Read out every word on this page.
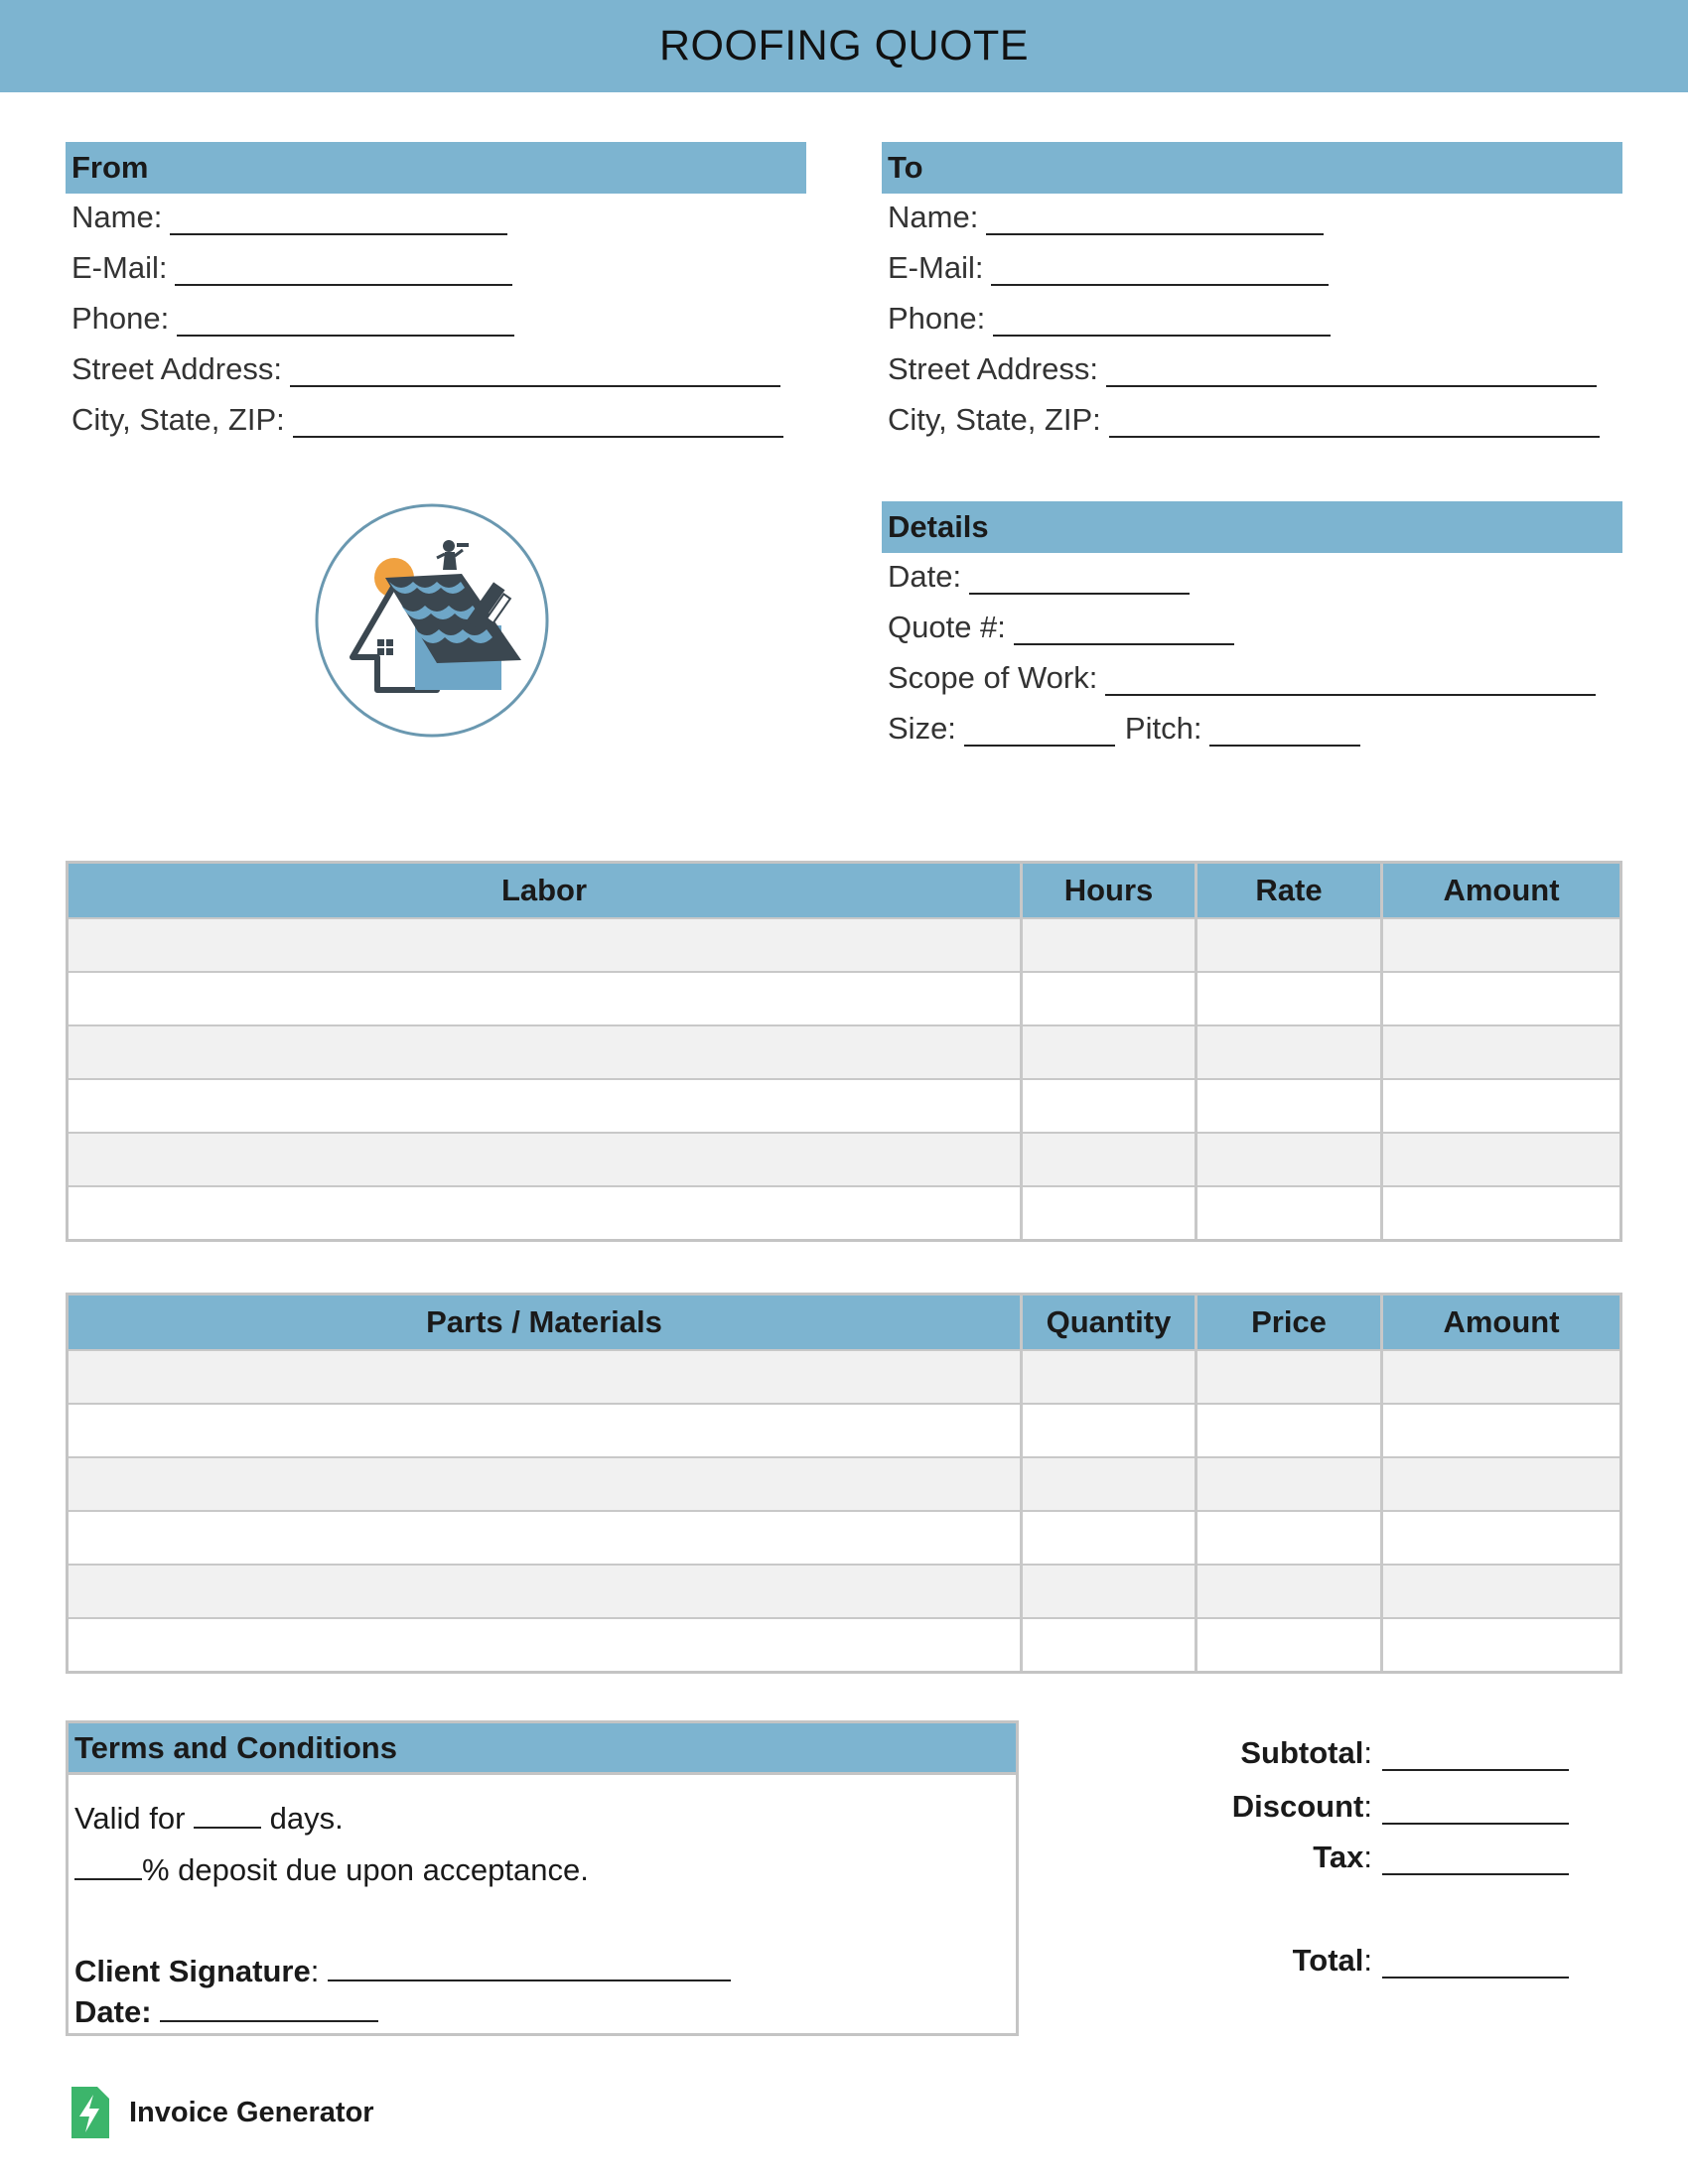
ROOFING QUOTE
From
Name:
E-Mail:
Phone:
Street Address:
City, State, ZIP:
To
Name:
E-Mail:
Phone:
Street Address:
City, State, ZIP:
Details
Date:
Quote #:
Scope of Work:
Size:	Pitch:
Labor	Hours	Rate	Amount
Parts / Materials	Quantity	Price	Amount
Terms and Conditions
Valid for	days.
% deposit due upon acceptance.
Client Signature:
Date:
Subtotal :
Discount :
Tax :
Total :
Invoice Generator
